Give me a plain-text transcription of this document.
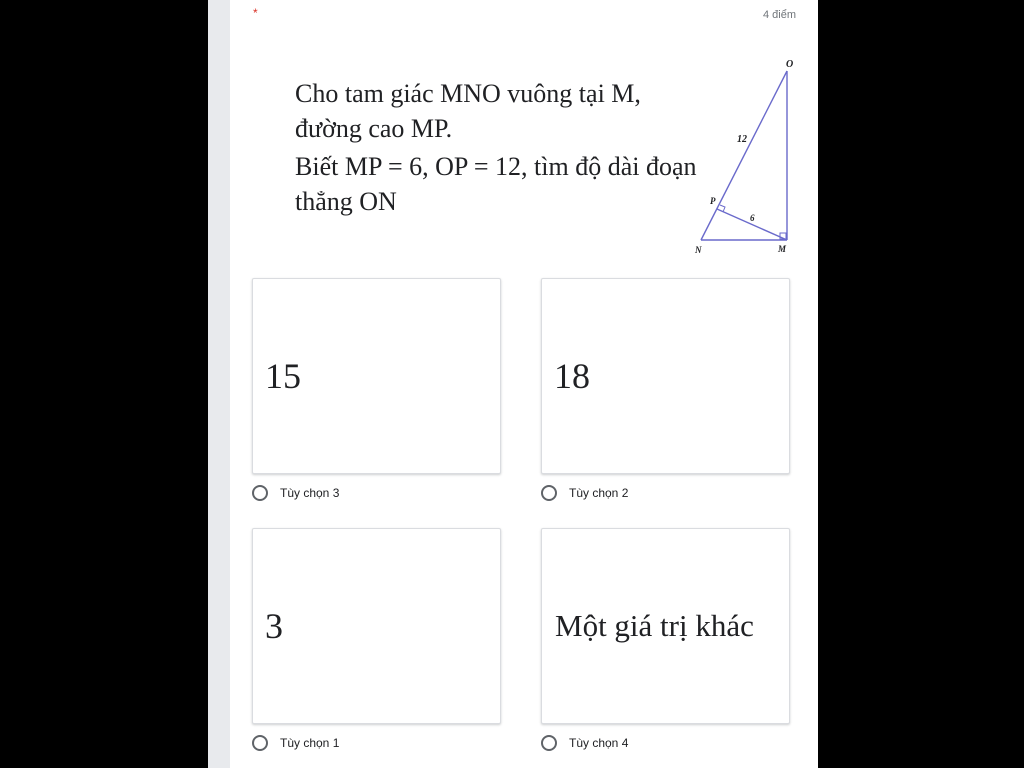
*	4 điểm

Cho tam giác MNO vuông tại M, đường cao MP.

Biết MP = 6, OP = 12, tìm độ dài đoạn thẳng ON

O
12
P
6
N	M
15
Tùy chọn 3
18
Tùy chọn 2
3
Tùy chọn 1
Một giá trị khác
Tùy chọn 4
